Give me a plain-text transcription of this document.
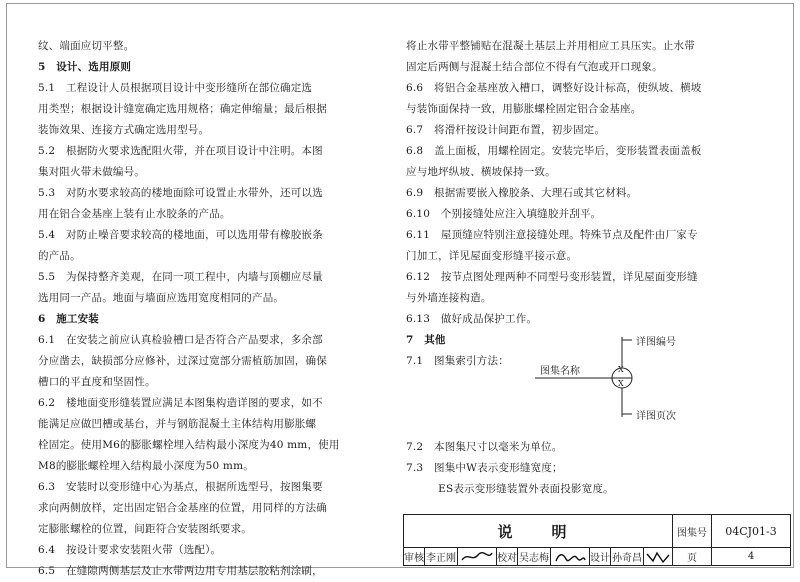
纹、端面应切平整。

5　设计、选用原则

5.1　工程设计人员根据项目设计中变形缝所在部位确定选

用类型；根据设计缝宽确定选用规格；确定伸缩量；最后根据

装饰效果、连接方式确定选用型号。

5.2　根据防火要求选配阻火带，并在项目设计中注明。本图

集对阻火带未做编号。

5.3　对防水要求较高的楼地面除可设置止水带外，还可以选

用在铝合金基座上装有止水胶条的产品。

5.4　对防止噪音要求较高的楼地面，可以选用带有橡胶嵌条

的产品。

5.5　为保持整齐美观，在同一项工程中，内墙与顶棚应尽量

选用同一产品。地面与墙面应选用宽度相同的产品。

6　施工安装

6.1　在安装之前应认真检验槽口是否符合产品要求，多余部

分应凿去，缺损部分应修补，过深过宽部分需植筋加固，确保

槽口的平直度和坚固性。

6.2　楼地面变形缝装置应满足本图集构造详图的要求，如不

能满足应做凹槽或基台，并与钢筋混凝土主体结构用膨胀螺

栓固定。使用M6的膨胀螺栓埋入结构最小深度为40 mm，使用

M8的膨胀螺栓埋入结构最小深度为50 mm。

6.3　安装时以变形缝中心为基点，根据所选型号，按图集要

求向两侧放样，定出固定铝合金基座的位置，用同样的方法确

定膨胀螺栓的位置，间距符合安装图纸要求。

6.4　按设计要求安装阻火带（选配）。

6.5　在缝隙两侧基层及止水带两边用专用基层胶粘剂涂刷，

将止水带平整铺贴在混凝土基层上并用相应工具压实。止水带

固定后两侧与混凝土结合部位不得有气泡或开口现象。

6.6　将铝合金基座放入槽口，调整好设计标高，使纵坡、横坡

与装饰面保持一致，用膨胀螺栓固定铝合金基座。

6.7　将滑杆按设计间距布置，初步固定。

6.8　盖上面板，用螺栓固定。安装完毕后，变形装置表面盖板

应与地坪纵坡、横坡保持一致。

6.9　根据需要嵌入橡胶条、大理石或其它材料。

6.10　个别接缝处应注入填缝胶并刮平。

6.11　屋顶缝应特别注意接缝处理。特殊节点及配件由厂家专

门加工，详见屋面变形缝平接示意。

6.12　按节点图处理两种不同型号变形装置，详见屋面变形缝

与外墙连接构造。

6.13　做好成品保护工作。

7　其他

7.1　图集索引方法：

图集名称	X
X
详图编号
详图页次

7.2　本图集尺寸以毫米为单位。

7.3　图集中W表示变形缝宽度；

　　　ES表示变形缝装置外表面投影宽度。

说　明	图集号	04CJ01-3
审核 李正刚	校对 吴志梅	设计 孙奇昌	页	4
